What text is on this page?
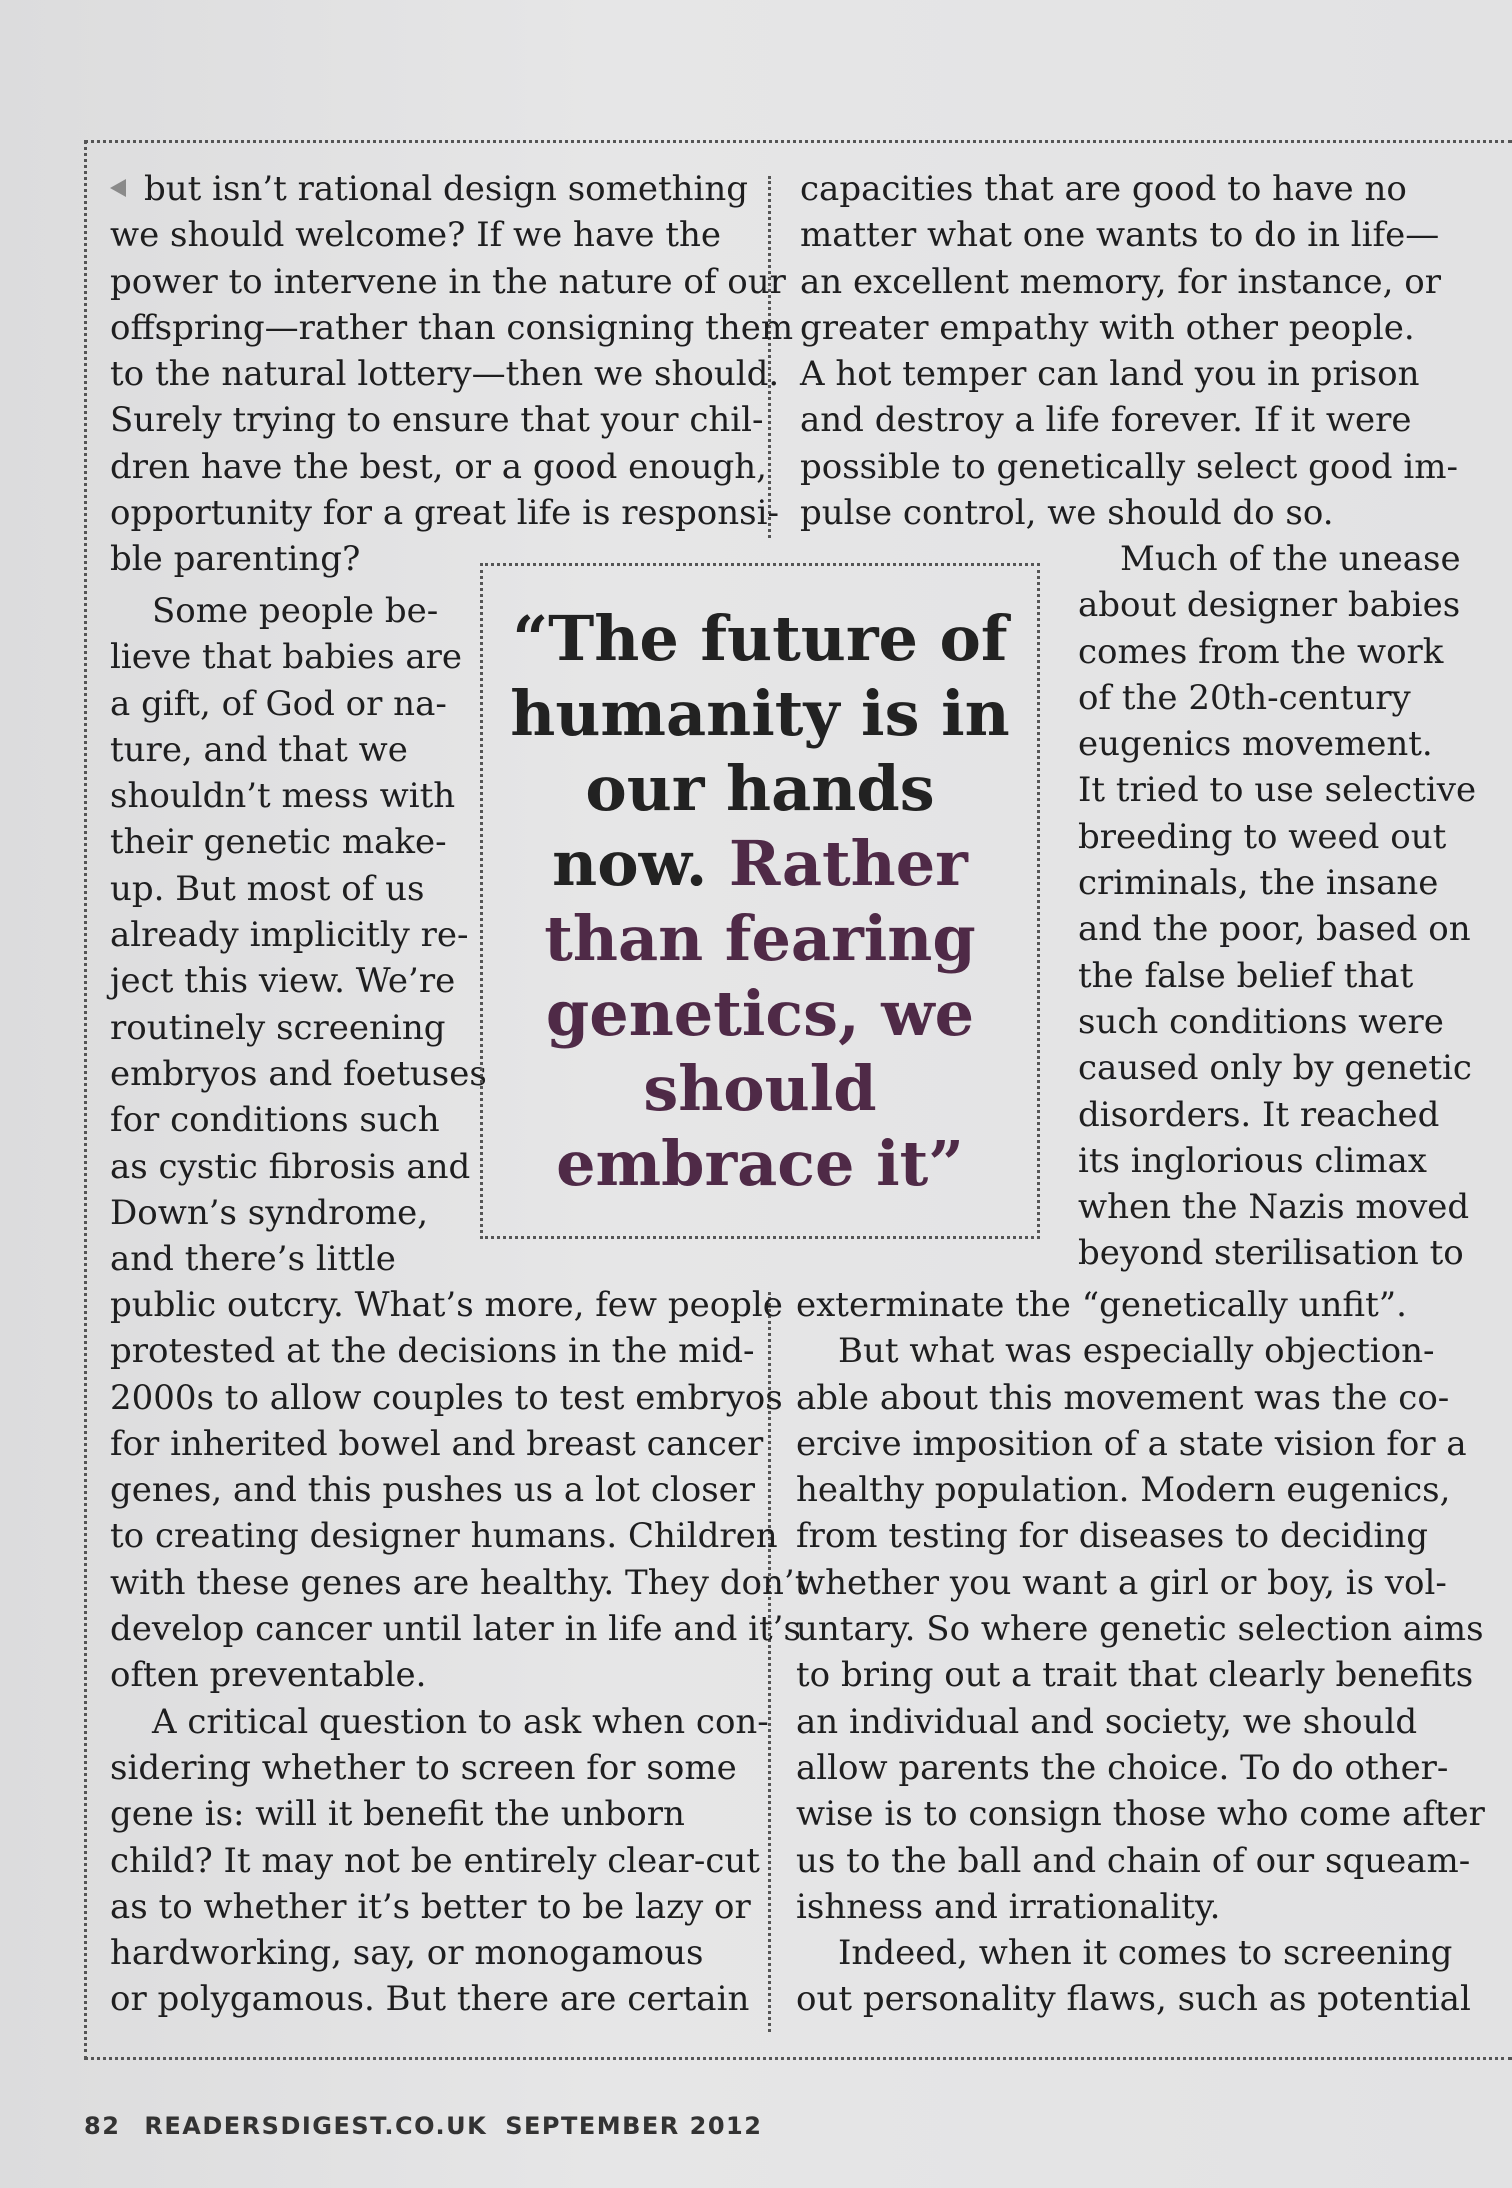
but isn’t rational design something
we should welcome? If we have the
power to intervene in the nature of our
offspring—rather than consigning them
to the natural lottery—then we should.
Surely trying to ensure that your chil-
dren have the best, or a good enough,
opportunity for a great life is responsi-
ble parenting?
Some people be-
lieve that babies are
a gift, of God or na-
ture, and that we
shouldn’t mess with
their genetic make-
up. But most of us
already implicitly re-
ject this view. We’re
routinely screening
embryos and foetuses
for conditions such
as cystic fibrosis and
Down’s syndrome,
and there’s little
public outcry. What’s more, few people
protested at the decisions in the mid-
2000s to allow couples to test embryos
for inherited bowel and breast cancer
genes, and this pushes us a lot closer
to creating designer humans. Children
with these genes are healthy. They don’t
develop cancer until later in life and it’s
often preventable.
A critical question to ask when con-
sidering whether to screen for some
gene is: will it benefit the unborn
child? It may not be entirely clear-cut
as to whether it’s better to be lazy or
hardworking, say, or monogamous
or polygamous. But there are certain
capacities that are good to have no
matter what one wants to do in life—
an excellent memory, for instance, or
greater empathy with other people.
A hot temper can land you in prison
and destroy a life forever. If it were
possible to genetically select good im-
pulse control, we should do so.
Much of the unease
about designer babies
comes from the work
of the 20th-century
eugenics movement.
It tried to use selective
breeding to weed out
criminals, the insane
and the poor, based on
the false belief that
such conditions were
caused only by genetic
disorders. It reached
its inglorious climax
when the Nazis moved
beyond sterilisation to
exterminate the “genetically unfit”.
But what was especially objection-
able about this movement was the co-
ercive imposition of a state vision for a
healthy population. Modern eugenics,
from testing for diseases to deciding
whether you want a girl or boy, is vol-
untary. So where genetic selection aims
to bring out a trait that clearly benefits
an individual and society, we should
allow parents the choice. To do other-
wise is to consign those who come after
us to the ball and chain of our squeam-
ishness and irrationality.
Indeed, when it comes to screening
out personality flaws, such as potential
“The future of humanity is in our hands now. Rather than fearing genetics, we should embrace it”
82 READERSDIGEST.CO.UK SEPTEMBER 2012
